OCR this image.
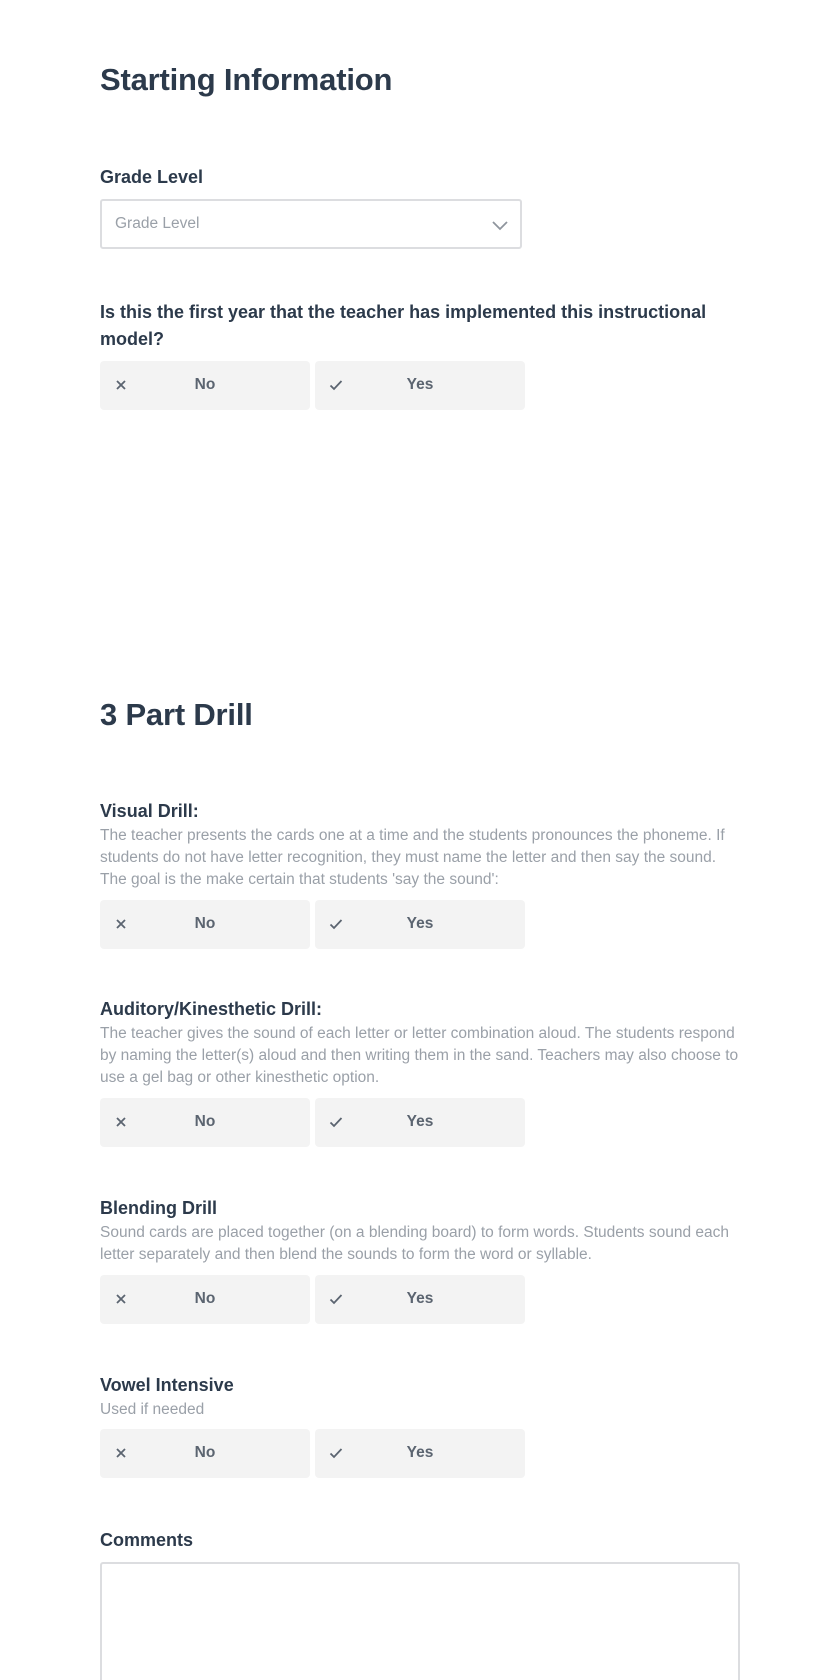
Starting Information
Grade Level
Grade Level
Is this the first year that the teacher has implemented this instructional model?
No	Yes
3 Part Drill
Visual Drill:
The teacher presents the cards one at a time and the students pronounces the phoneme. If students do not have letter recognition, they must name the letter and then say the sound. The goal is the make certain that students 'say the sound':
No	Yes
Auditory/Kinesthetic Drill:
The teacher gives the sound of each letter or letter combination aloud. The students respond by naming the letter(s) aloud and then writing them in the sand. Teachers may also choose to use a gel bag or other kinesthetic option.
No	Yes
Blending Drill
Sound cards are placed together (on a blending board) to form words. Students sound each letter separately and then blend the sounds to form the word or syllable.
No	Yes
Vowel Intensive
Used if needed
No	Yes
Comments
